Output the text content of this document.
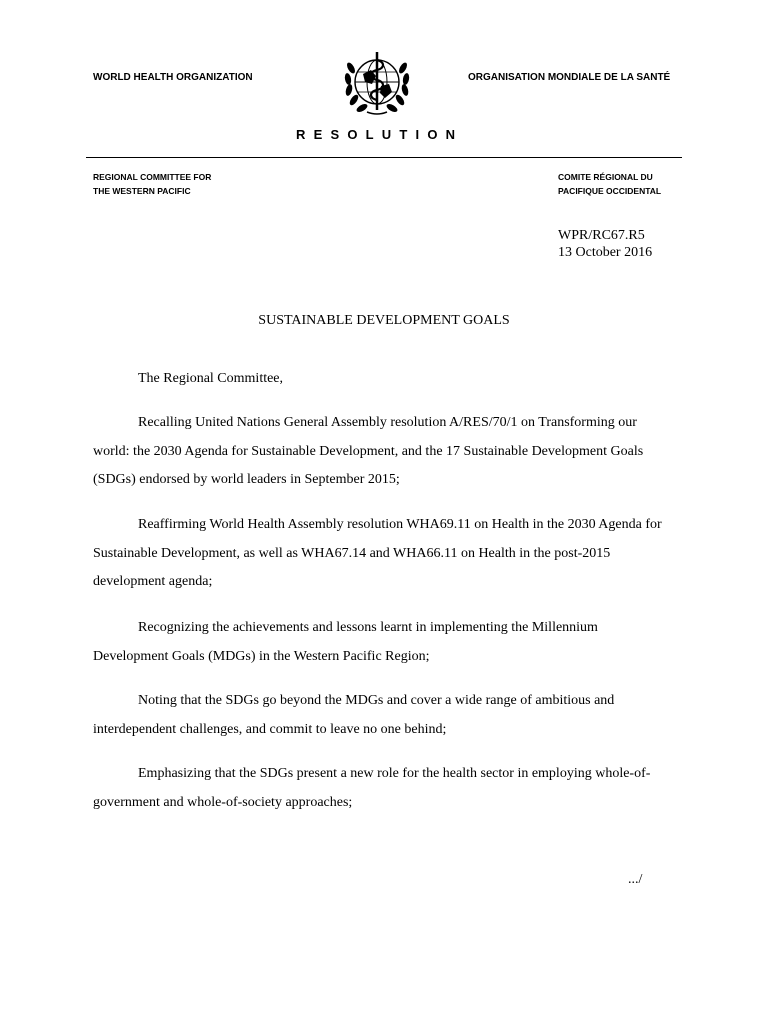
WORLD HEALTH ORGANIZATION	ORGANISATION MONDIALE DE LA SANTÉ
RESOLUTION
REGIONAL COMMITTEE FOR
THE WESTERN PACIFIC
COMITE RÉGIONAL DU
PACIFIQUE OCCIDENTAL
WPR/RC67.R5
13 October 2016
SUSTAINABLE DEVELOPMENT GOALS
The Regional Committee,
Recalling United Nations General Assembly resolution A/RES/70/1 on Transforming our world: the 2030 Agenda for Sustainable Development, and the 17 Sustainable Development Goals (SDGs) endorsed by world leaders in September 2015;
Reaffirming World Health Assembly resolution WHA69.11 on Health in the 2030 Agenda for Sustainable Development, as well as WHA67.14 and WHA66.11 on Health in the post-2015 development agenda;
Recognizing the achievements and lessons learnt in implementing the Millennium Development Goals (MDGs) in the Western Pacific Region;
Noting that the SDGs go beyond the MDGs and cover a wide range of ambitious and interdependent challenges, and commit to leave no one behind;
Emphasizing that the SDGs present a new role for the health sector in employing whole-of-government and whole-of-society approaches;
.../
